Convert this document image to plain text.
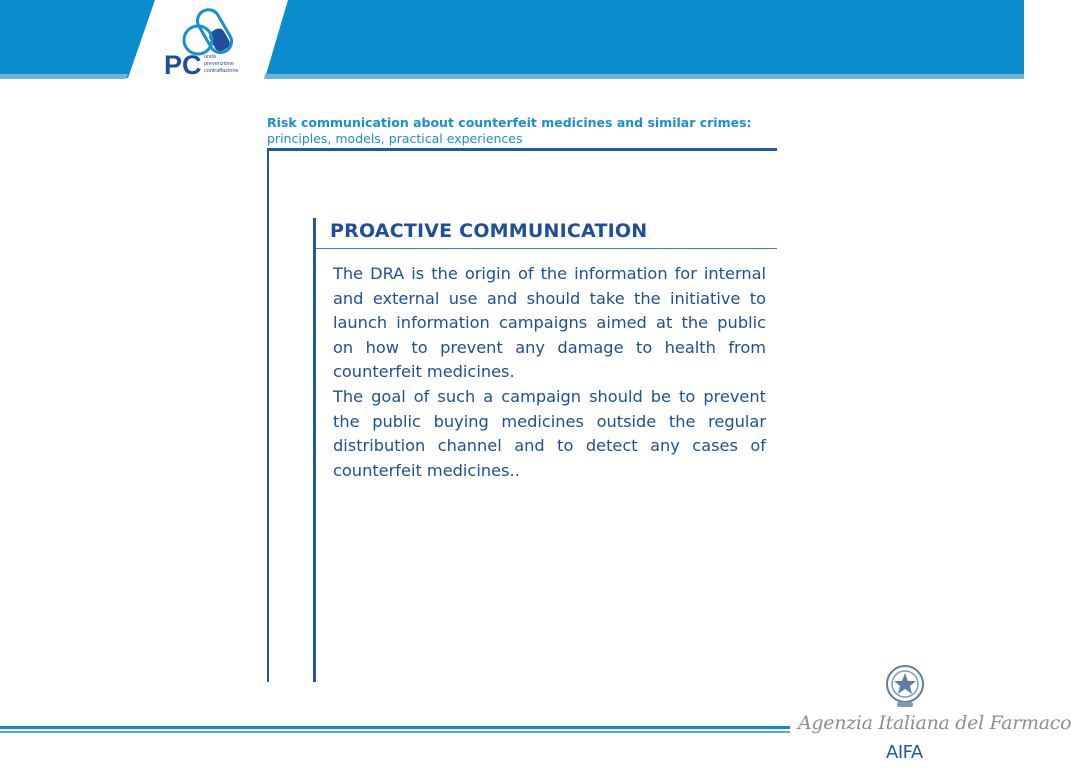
PC unità
prevenzione
contraffazione
Risk communication about counterfeit medicines and similar crimes:
principles, models, practical experiences
PROACTIVE COMMUNICATION

The DRA is the origin of the information for internal and external use and should take the initiative to launch information campaigns aimed at the public on how to prevent any damage to health from counterfeit medicines.

The goal of such a campaign should be to prevent the public buying medicines outside the regular distribution channel and to detect any cases of counterfeit medicines..

Agenzia Italiana del Farmaco
AIFA
